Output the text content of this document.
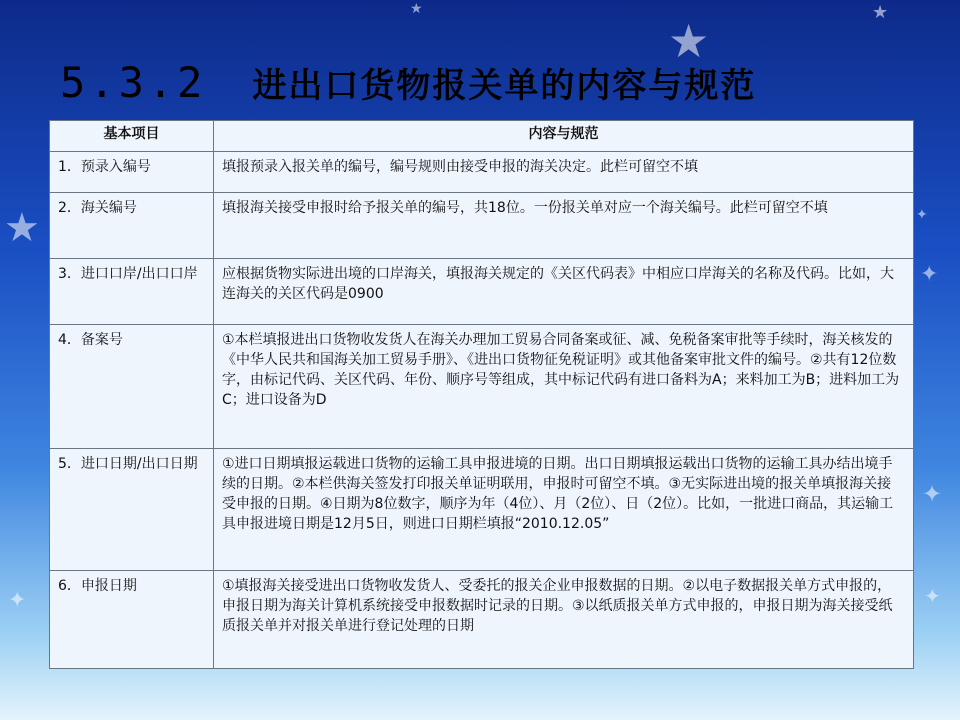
★
★
★
★	✦
✦
✦
✦	✦
5.3.2 进出口货物报关单的内容与规范
基本项目	内容与规范
1．预录入编号	填报预录入报关单的编号，编号规则由接受申报的海关决定。此栏可留空不填
2．海关编号	填报海关接受申报时给予报关单的编号，共18位。一份报关单对应一个海关编号。此栏可留空不填
3．进口口岸/出口口岸	应根据货物实际进出境的口岸海关，填报海关规定的《关区代码表》中相应口岸海关的名称及代码。比如，大连海关的关区代码是0900
4．备案号	①本栏填报进出口货物收发货人在海关办理加工贸易合同备案或征、减、免税备案审批等手续时，海关核发的《中华人民共和国海关加工贸易手册》、《进出口货物征免税证明》或其他备案审批文件的编号。②共有12位数字，由标记代码、关区代码、年份、顺序号等组成，其中标记代码有进口备料为A；来料加工为B；进料加工为C；进口设备为D
5．进口日期/出口日期	①进口日期填报运载进口货物的运输工具申报进境的日期。出口日期填报运载出口货物的运输工具办结出境手续的日期。②本栏供海关签发打印报关单证明联用，申报时可留空不填。③无实际进出境的报关单填报海关接受申报的日期。④日期为8位数字，顺序为年（4位）、月（2位）、日（2位）。比如，一批进口商品，其运输工具申报进境日期是12月5日，则进口日期栏填报“2010.12.05”
6．申报日期	①填报海关接受进出口货物收发货人、受委托的报关企业申报数据的日期。②以电子数据报关单方式申报的，申报日期为海关计算机系统接受申报数据时记录的日期。③以纸质报关单方式申报的，申报日期为海关接受纸质报关单并对报关单进行登记处理的日期
